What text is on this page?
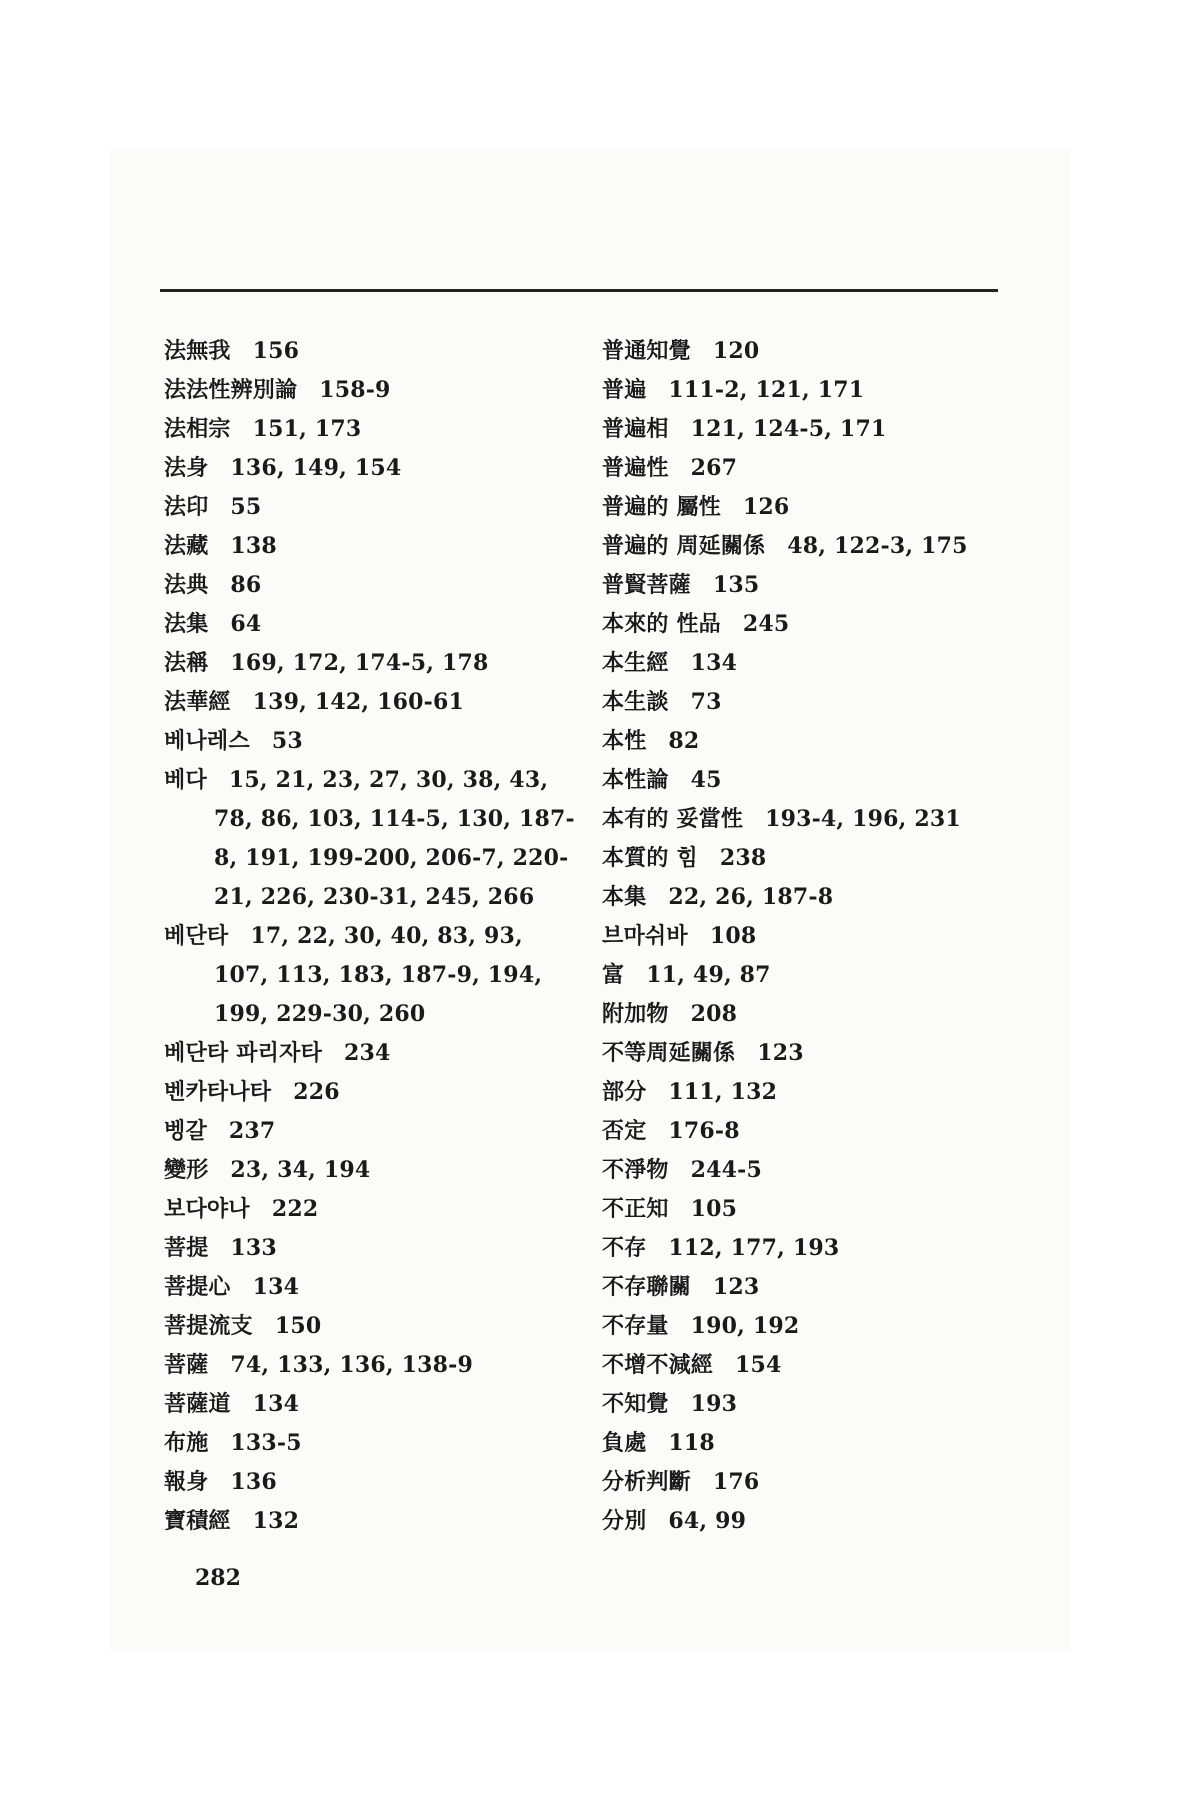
法無我 156
法法性辨別論 158-9
法相宗 151, 173
法身 136, 149, 154
法印 55
法藏 138
法典 86
法集 64
法稱 169, 172, 174-5, 178
法華經 139, 142, 160-61
베나레스 53
베다 15, 21, 23, 27, 30, 38, 43, 78, 86, 103, 114-5, 130, 187-8, 191, 199-200, 206-7, 220-21, 226, 230-31, 245, 266
베단타 17, 22, 30, 40, 83, 93, 107, 113, 183, 187-9, 194, 199, 229-30, 260
베단타 파리자타 234
벤카타나타 226
벵갈 237
變形 23, 34, 194
보다야나 222
菩提 133
菩提心 134
菩提流支 150
菩薩 74, 133, 136, 138-9
菩薩道 134
布施 133-5
報身 136
寶積經 132
普通知覺 120
普遍 111-2, 121, 171
普遍相 121, 124-5, 171
普遍性 267
普遍的 屬性 126
普遍的 周延關係 48, 122-3, 175
普賢菩薩 135
本來的 性品 245
本生經 134
本生談 73
本性 82
本性論 45
本有的 妥當性 193-4, 196, 231
本質的 힘 238
本集 22, 26, 187-8
브마쉬바 108
富 11, 49, 87
附加物 208
不等周延關係 123
部分 111, 132
否定 176-8
不淨物 244-5
不正知 105
不存 112, 177, 193
不存聯關 123
不存量 190, 192
不增不減經 154
不知覺 193
負處 118
分析判斷 176
分別 64, 99
282
